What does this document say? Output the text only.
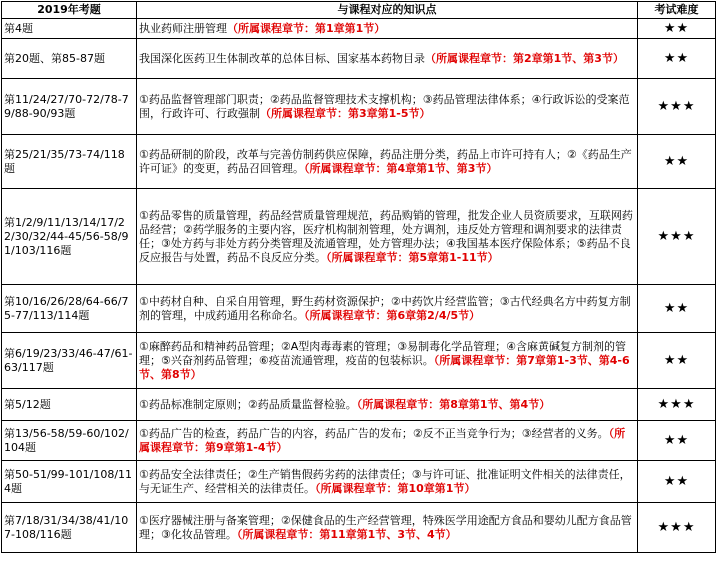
2019年考题	与课程对应的知识点	考试难度
第4题	执业药师注册管理（所属课程章节：第1章第1节）	★★
第20题、第85-87题	我国深化医药卫生体制改革的总体目标、国家基本药物目录（所属课程章节：第2章第1节、第3节）	★★
第11/24/27/70-72/78-79/88-90/93题	①药品监督管理部门职责；②药品监督管理技术支撑机构；③药品管理法律体系；④行政诉讼的受案范围，行政许可、行政强制（所属课程章节：第3章第1-5节）	★★★
第25/21/35/73-74/118题	①药品研制的阶段，改革与完善仿制药供应保障，药品注册分类，药品上市许可持有人；②《药品生产许可证》的变更，药品召回管理。（所属课程章节：第4章第1节、第3节）	★★
第1/2/9/11/13/14/17/22/30/32/44-45/56-58/91/103/116题	①药品零售的质量管理，药品经营质量管理规范，药品购销的管理，批发企业人员资质要求，互联网药品经营；②药学服务的主要内容，医疗机构制剂管理，处方调剂，违反处方管理和调剂要求的法律责任；③处方药与非处方药分类管理及流通管理，处方管理办法；④我国基本医疗保险体系；⑤药品不良反应报告与处置，药品不良反应分类。（所属课程章节：第5章第1-11节）	★★★
第10/16/26/28/64-66/75-77/113/114题	①中药材自种、自采自用管理，野生药材资源保护；②中药饮片经营监管；③古代经典名方中药复方制剂的管理，中成药通用名称命名。（所属课程章节：第6章第2/4/5节）	★★
第6/19/23/33/46-47/61-63/117题	①麻醉药品和精神药品管理；②A型肉毒毒素的管理；③易制毒化学品管理；④含麻黄碱复方制剂的管理；⑤兴奋剂药品管理；⑥疫苗流通管理，疫苗的包装标识。（所属课程章节：第7章第1-3节、第4-6节、第8节）	★★
第5/12题	①药品标准制定原则；②药品质量监督检验。（所属课程章节：第8章第1节、第4节）	★★★
第13/56-58/59-60/102/104题	①药品广告的检查，药品广告的内容，药品广告的发布；②反不正当竞争行为；③经营者的义务。（所属课程章节：第9章第1-4节）	★★
第50-51/99-101/108/114题	①药品安全法律责任；②生产销售假药劣药的法律责任；③与许可证、批准证明文件相关的法律责任，与无证生产、经营相关的法律责任。（所属课程章节：第10章第1节）	★★
第7/18/31/34/38/41/107-108/116题	①医疗器械注册与备案管理；②保健食品的生产经营管理，特殊医学用途配方食品和婴幼儿配方食品管理；③化妆品管理。（所属课程章节：第11章第1节、3节、4节）	★★★
